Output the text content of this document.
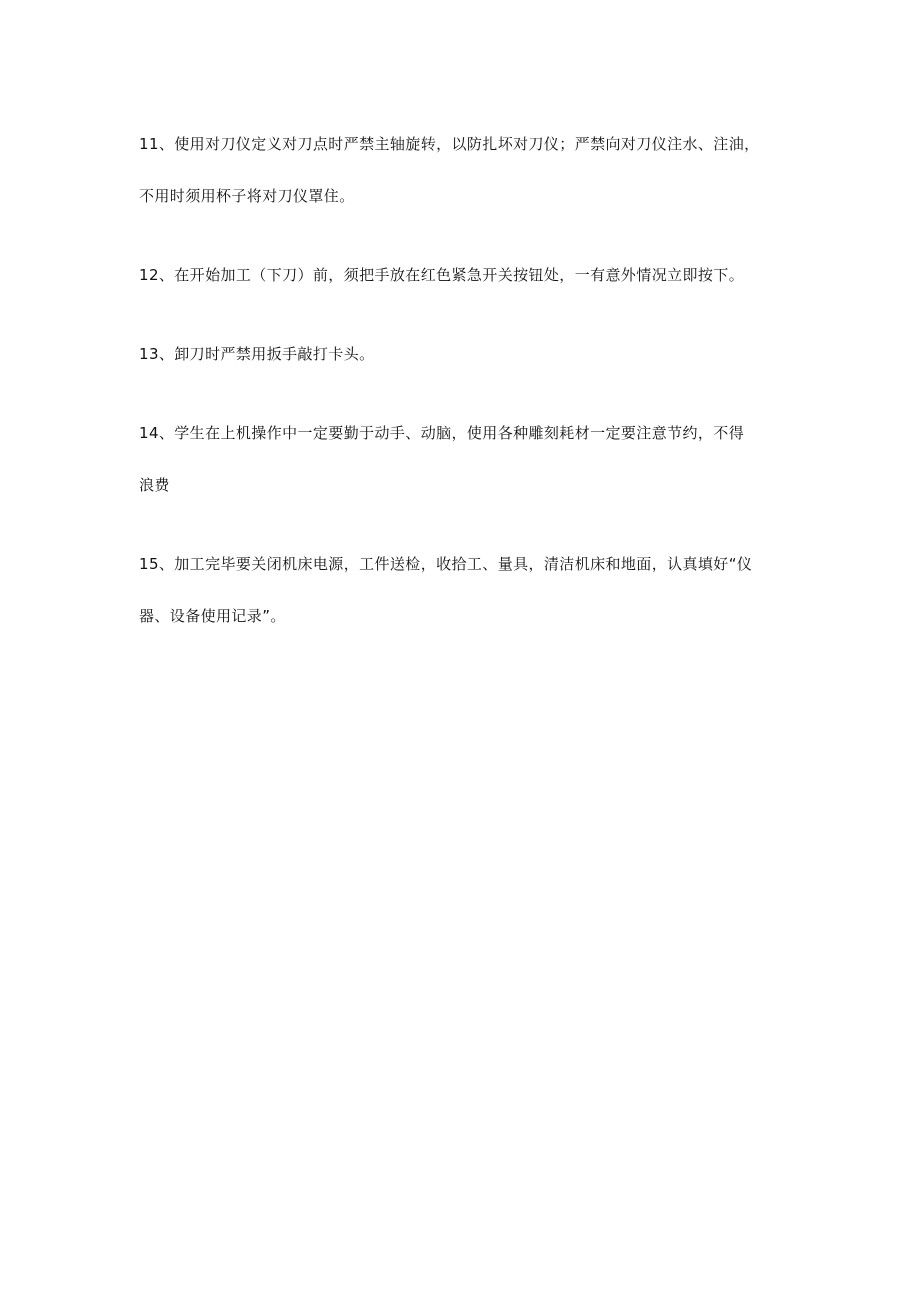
11、使用对刀仪定义对刀点时严禁主轴旋转，以防扎坏对刀仪；严禁向对刀仪注水、注油，
不用时须用杯子将对刀仪罩住。
12、在开始加工（下刀）前，须把手放在红色紧急开关按钮处，一有意外情况立即按下。
13、卸刀时严禁用扳手敲打卡头。
14、学生在上机操作中一定要勤于动手、动脑，使用各种雕刻耗材一定要注意节约，不得
浪费
15、加工完毕要关闭机床电源，工件送检，收拾工、量具，清洁机床和地面，认真填好“仪
器、设备使用记录”。
